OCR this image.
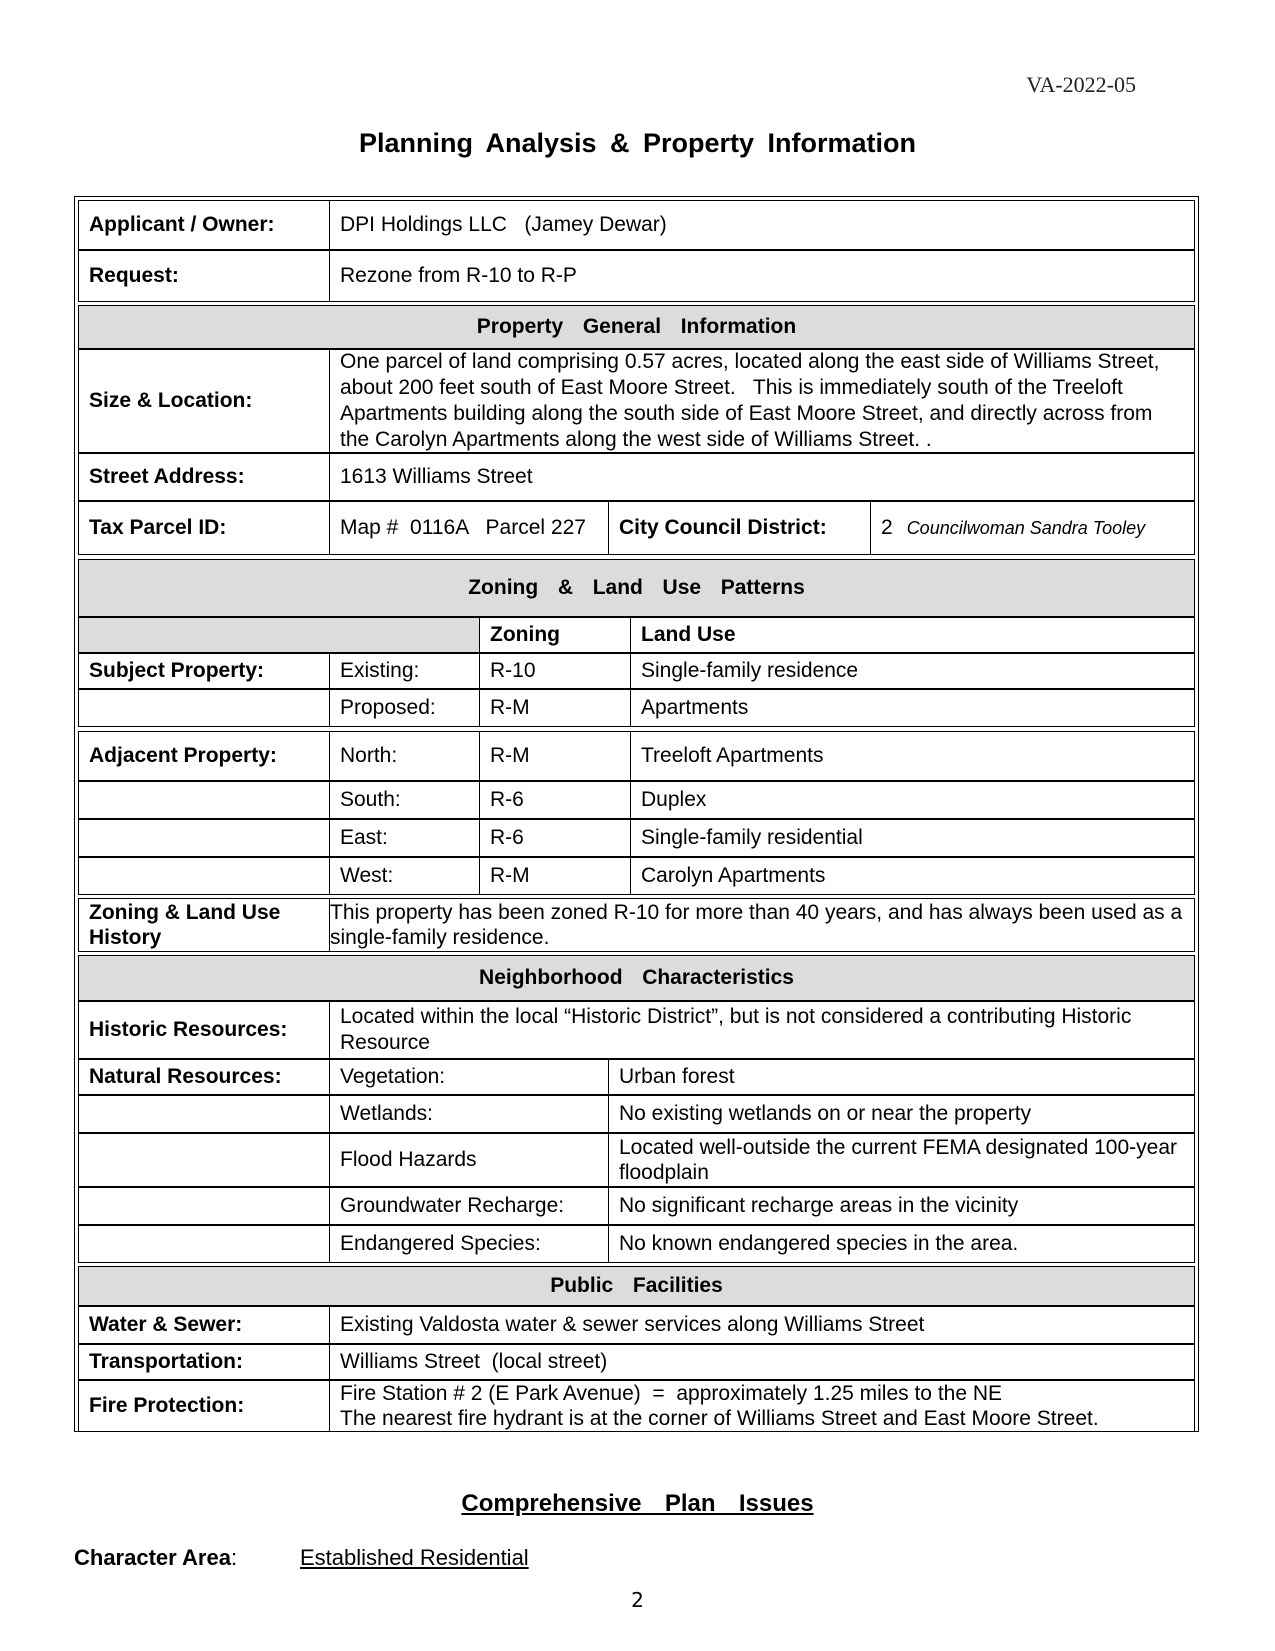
VA-2022-05
Planning Analysis & Property Information
Applicant / Owner:	DPI Holdings LLC   (Jamey Dewar)
Request:	Rezone from R-10 to R-P
Property  General  Information
Size & Location:
One parcel of land comprising 0.57 acres, located along the east side of Williams Street, about 200 feet south of East Moore Street.   This is immediately south of the Treeloft Apartments building along the south side of East Moore Street, and directly across from the Carolyn Apartments along the west side of Williams Street. .
Street Address:	1613 Williams Street
Tax Parcel ID:	Map #  0116A   Parcel 227	City Council District:	2 Councilwoman Sandra Tooley
Zoning  &  Land  Use  Patterns
Zoning	Land Use
Subject Property:	Existing:	R-10	Single-family residence
Proposed:	R-M	Apartments
Adjacent Property:	North:	R-M	Treeloft Apartments
South:	R-6	Duplex
East:	R-6	Single-family residential
West:	R-M	Carolyn Apartments
Zoning & Land Use History
This property has been zoned R-10 for more than 40 years, and has always been used as a single-family residence.
Neighborhood  Characteristics
Historic Resources:
Located within the local “Historic District”, but is not considered a contributing Historic Resource
Natural Resources:	Vegetation:	Urban forest
Wetlands:	No existing wetlands on or near the property
Flood Hazards
Located well-outside the current FEMA designated 100-year floodplain
Groundwater Recharge:	No significant recharge areas in the vicinity
Endangered Species:	No known endangered species in the area.
Public  Facilities
Water & Sewer:	Existing Valdosta water & sewer services along Williams Street
Transportation:	Williams Street  (local street)
Fire Protection:
Fire Station # 2 (E Park Avenue)  =  approximately 1.25 miles to the NE
The nearest fire hydrant is at the corner of Williams Street and East Moore Street.
Comprehensive  Plan  Issues
Character Area:	Established Residential
2
